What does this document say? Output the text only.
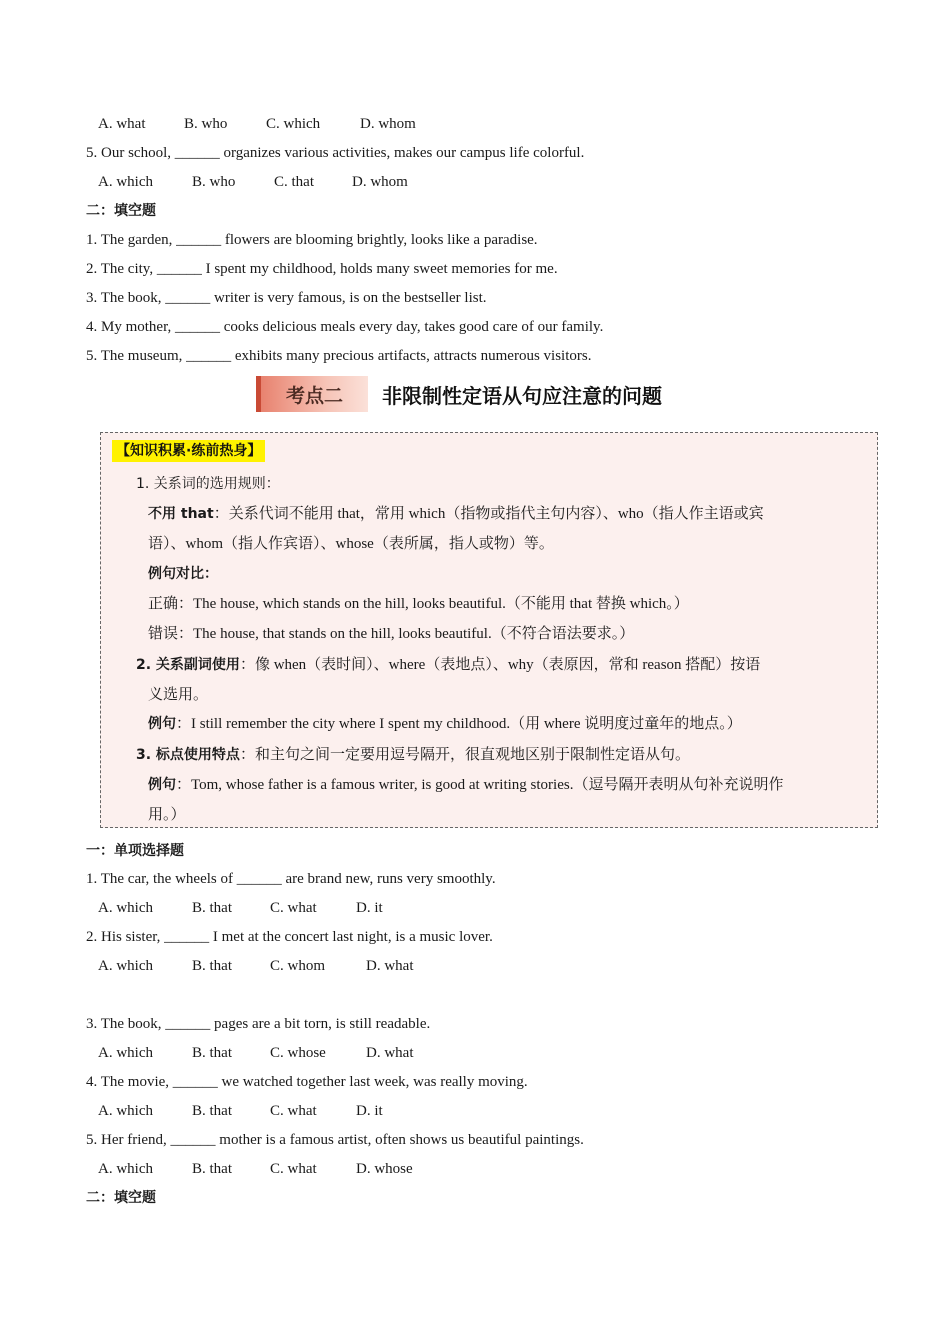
A. what	B. who	C. which	D. whom
5. Our school, ______ organizes various activities, makes our campus life colorful.
A. which	B. who	C. that	D. whom
二：填空题
1. The garden, ______ flowers are blooming brightly, looks like a paradise.
2. The city, ______ I spent my childhood, holds many sweet memories for me.
3. The book, ______ writer is very famous, is on the bestseller list.
4. My mother, ______ cooks delicious meals every day, takes good care of our family.
5. The museum, ______ exhibits many precious artifacts, attracts numerous visitors.
考点二	非限制性定语从句应注意的问题
【知识积累·练前热身】
1. 关系词的选用规则：
不用 that：关系代词不能用 that，常用 which（指物或指代主句内容）、who（指人作主语或宾
语）、whom（指人作宾语）、whose（表所属，指人或物）等。
例句对比：
正确：The house, which stands on the hill, looks beautiful.（不能用 that 替换 which。）
错误：The house, that stands on the hill, looks beautiful.（不符合语法要求。）
2. 关系副词使用：像 when（表时间）、where（表地点）、why（表原因，常和 reason 搭配）按语
义选用。
例句：I still remember the city where I spent my childhood.（用 where 说明度过童年的地点。）
3. 标点使用特点：和主句之间一定要用逗号隔开，很直观地区别于限制性定语从句。
例句：Tom, whose father is a famous writer, is good at writing stories.（逗号隔开表明从句补充说明作
用。）
一：单项选择题
1. The car, the wheels of ______ are brand new, runs very smoothly.
A. which	B. that	C. what	D. it
2. His sister, ______ I met at the concert last night, is a music lover.
A. which	B. that	C. whom	D. what
3. The book, ______ pages are a bit torn, is still readable.
A. which	B. that	C. whose	D. what
4. The movie, ______ we watched together last week, was really moving.
A. which	B. that	C. what	D. it
5. Her friend, ______ mother is a famous artist, often shows us beautiful paintings.
A. which	B. that	C. what	D. whose
二：填空题
